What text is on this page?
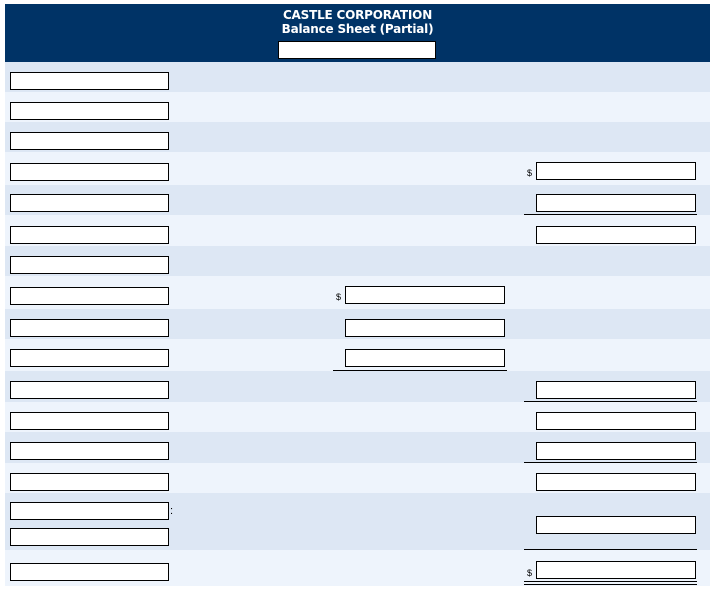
CASTLE CORPORATION
Balance Sheet (Partial)
$
$
:
$
